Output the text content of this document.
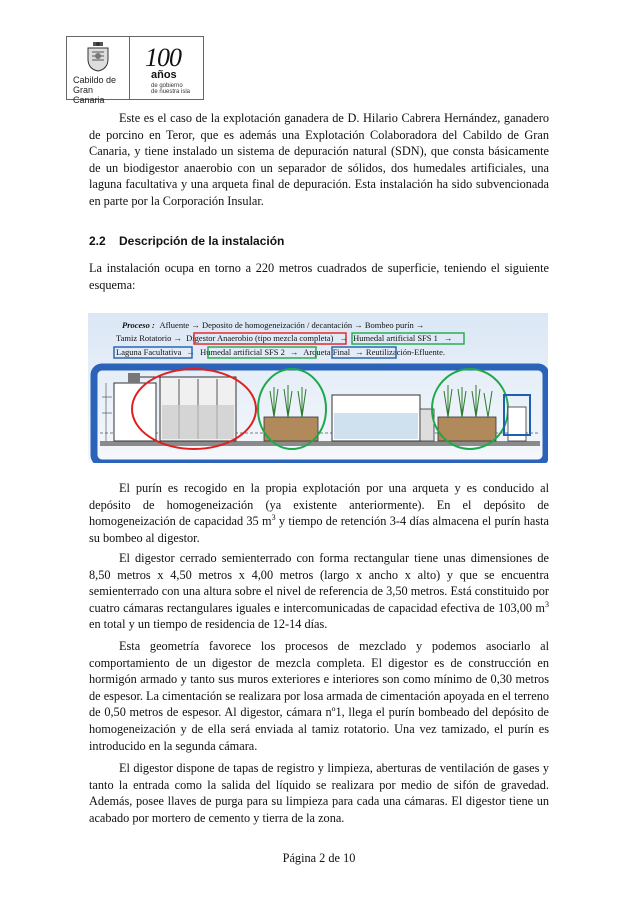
Cabildo de
Gran Canaria
100
años
de gobierno
de nuestra isla

Este es el caso de la explotación ganadera de D. Hilario Cabrera Hernández, ganadero de porcino en Teror, que es además una Explotación Colaboradora del Cabildo de Gran Canaria, y tiene instalado un sistema de depuración natural (SDN), que consta básicamente de un biodigestor anaerobio con un separador de sólidos, dos humedales artificiales, una laguna facultativa y una arqueta final de depuración. Esta instalación ha sido subvencionada en parte por la Corporación Insular.

2.2 Descripción de la instalación

La instalación ocupa en torno a 220 metros cuadrados de superficie, teniendo el siguiente esquema:

Proceso : Afluente → Deposito de homogeneización / decantación → Bombeo purín →
Tamiz Rotatorio → Digestor Anaerobio (tipo mezcla completa) → Humedal artificial SFS 1 →
Laguna Facultativa → Humedal artificial SFS 2 → Arqueta Final → Reutilización-Efluente.

El purín es recogido en la propia explotación por una arqueta y es conducido al depósito de homogeneización (ya existente anteriormente). En el depósito de homogeneización de capacidad 35 $m^3$ y tiempo de retención 3-4 días almacena el purín hasta su bombeo al digestor.

El digestor cerrado semienterrado con forma rectangular tiene unas dimensiones de 8,50 metros x 4,50 metros x 4,00 metros (largo x ancho x alto) y que se encuentra semienterrado con una altura sobre el nivel de referencia de 3,50 metros. Está constituido por cuatro cámaras rectangulares iguales e intercomunicadas de capacidad efectiva de 103,00 $m^3$ en total y un tiempo de residencia de 12-14 días.

Esta geometría favorece los procesos de mezclado y podemos asociarlo al comportamiento de un digestor de mezcla completa. El digestor es de construcción en hormigón armado y tanto sus muros exteriores e interiores son como mínimo de 0,30 metros de espesor. La cimentación se realizara por losa armada de cimentación apoyada en el terreno de 0,50 metros de espesor. Al digestor, cámara nº1, llega el purín bombeado del depósito de homogeneización y de ella será enviada al tamiz rotatorio. Una vez tamizado, el purín es introducido en la segunda cámara.

El digestor dispone de tapas de registro y limpieza, aberturas de ventilación de gases y tanto la entrada como la salida del líquido se realizara por medio de sifón de gravedad. Además, posee llaves de purga para su limpieza para cada una cámaras. El digestor tiene un acabado por mortero de cemento y tierra de la zona.

Página 2 de 10
